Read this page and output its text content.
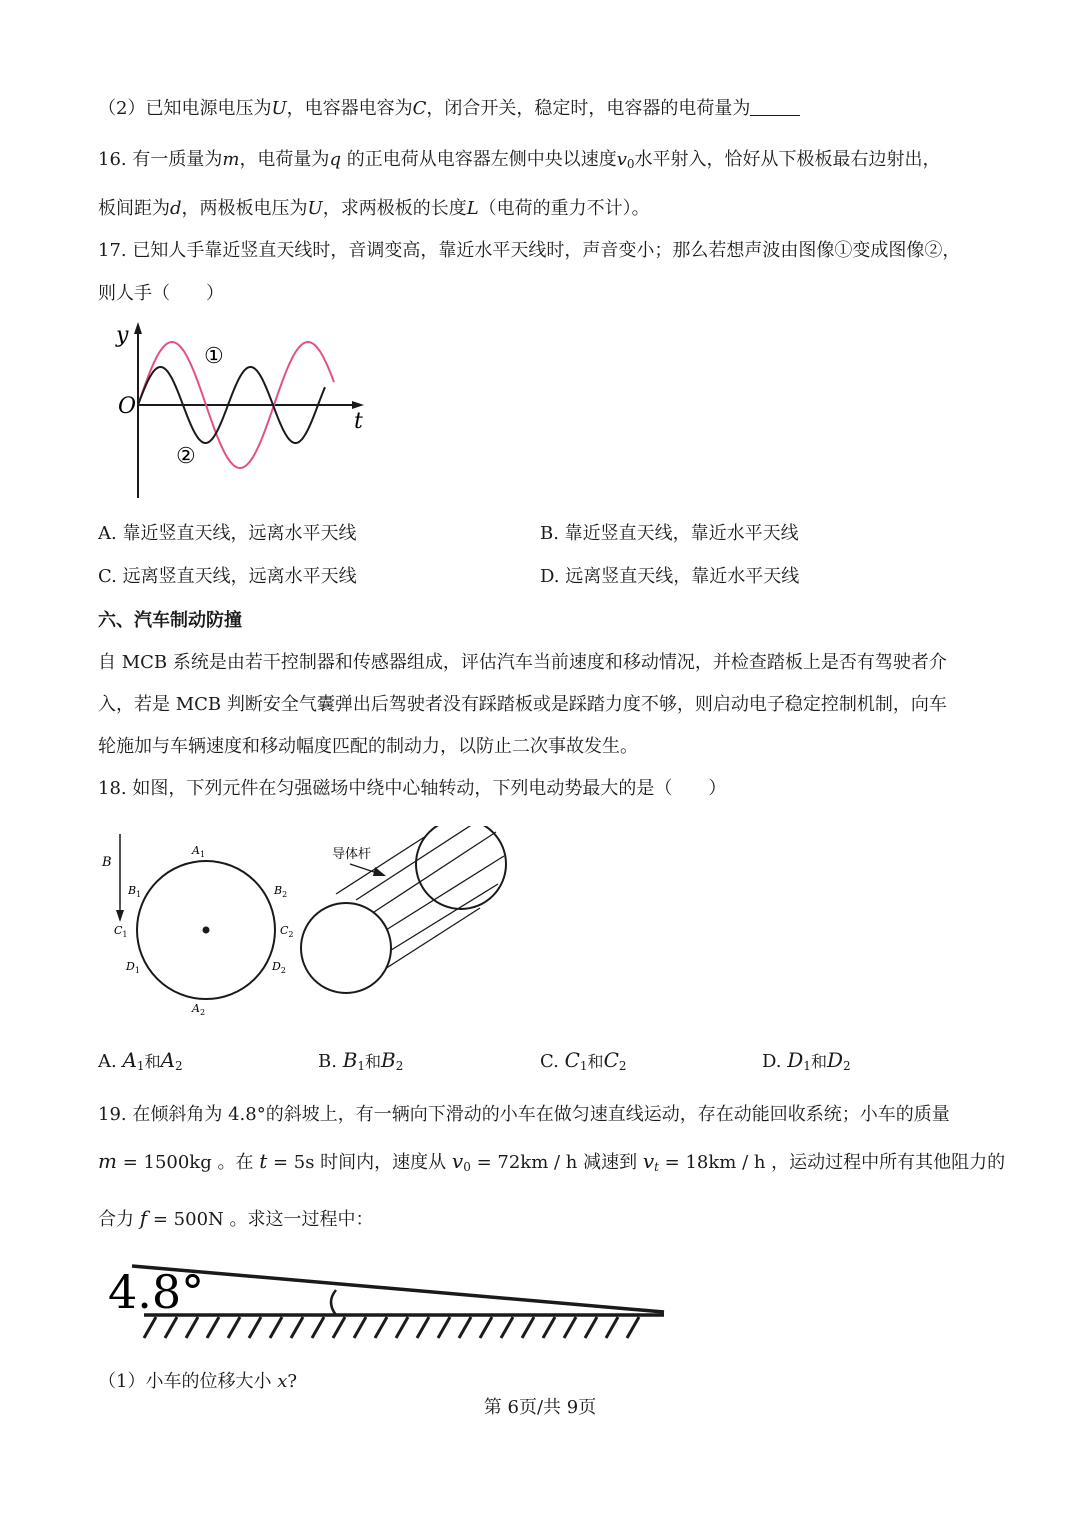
（2）已知电源电压为U，电容器电容为C，闭合开关，稳定时，电容器的电荷量为
16. 有一质量为m，电荷量为q 的正电荷从电容器左侧中央以速度$v_0$水平射入，恰好从下极板最右边射出，
板间距为d，两极板电压为U，求两极板的长度L（电荷的重力不计）。
17. 已知人手靠近竖直天线时，音调变高，靠近水平天线时，声音变小；那么若想声波由图像①变成图像②，
则人手（　　）
y
O
t
①
②
A. 靠近竖直天线，远离水平天线	B. 靠近竖直天线，靠近水平天线
C. 远离竖直天线，远离水平天线	D. 远离竖直天线，靠近水平天线
六、汽车制动防撞
自 MCB 系统是由若干控制器和传感器组成，评估汽车当前速度和移动情况，并检查踏板上是否有驾驶者介
入，若是 MCB 判断安全气囊弹出后驾驶者没有踩踏板或是踩踏力度不够，则启动电子稳定控制机制，向车
轮施加与车辆速度和移动幅度匹配的制动力，以防止二次事故发生。
18. 如图，下列元件在匀强磁场中绕中心轴转动，下列电动势最大的是（　　）
B
$A_1$
$A_2$
$B_1$	$B_2$
$C_1$	$C_2$
$D_1$	$D_2$
导体杆
A. $A_1$和$A_2$	B. $B_1$和$B_2$	C. $C_1$和$C_2$	D. $D_1$和$D_2$
19. 在倾斜角为 4.8°的斜坡上，有一辆向下滑动的小车在做匀速直线运动，存在动能回收系统；小车的质量
m = 1500kg 。在 t = 5s 时间内，速度从 $v_0 = 72km / h$ 减速到 $v_t = 18km / h$ ，运动过程中所有其他阻力的
合力 f = 500N 。求这一过程中：
4.8°
（1）小车的位移大小 x?
第 6页/共 9页
